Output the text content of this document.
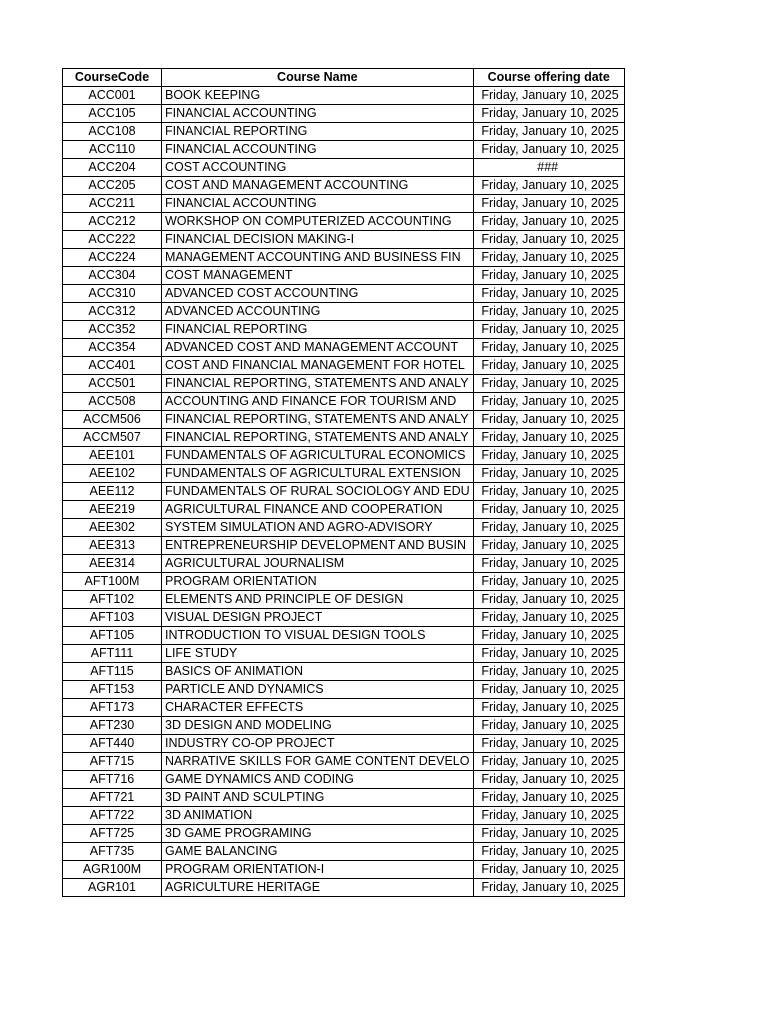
CourseCode	Course Name	Course offering date
ACC001	BOOK KEEPING	Friday, January 10, 2025
ACC105	FINANCIAL ACCOUNTING	Friday, January 10, 2025
ACC108	FINANCIAL REPORTING	Friday, January 10, 2025
ACC110	FINANCIAL ACCOUNTING	Friday, January 10, 2025
ACC204	COST ACCOUNTING	###
ACC205	COST AND MANAGEMENT ACCOUNTING	Friday, January 10, 2025
ACC211	FINANCIAL ACCOUNTING	Friday, January 10, 2025
ACC212	WORKSHOP ON COMPUTERIZED ACCOUNTING	Friday, January 10, 2025
ACC222	FINANCIAL DECISION MAKING-I	Friday, January 10, 2025
ACC224	MANAGEMENT ACCOUNTING AND BUSINESS FIN	Friday, January 10, 2025
ACC304	COST MANAGEMENT	Friday, January 10, 2025
ACC310	ADVANCED COST ACCOUNTING	Friday, January 10, 2025
ACC312	ADVANCED ACCOUNTING	Friday, January 10, 2025
ACC352	FINANCIAL REPORTING	Friday, January 10, 2025
ACC354	ADVANCED COST AND MANAGEMENT ACCOUNT	Friday, January 10, 2025
ACC401	COST AND FINANCIAL MANAGEMENT FOR HOTEL	Friday, January 10, 2025
ACC501	FINANCIAL REPORTING, STATEMENTS AND ANALY	Friday, January 10, 2025
ACC508	ACCOUNTING AND FINANCE FOR TOURISM AND	Friday, January 10, 2025
ACCM506	FINANCIAL REPORTING, STATEMENTS AND ANALY	Friday, January 10, 2025
ACCM507	FINANCIAL REPORTING, STATEMENTS AND ANALY	Friday, January 10, 2025
AEE101	FUNDAMENTALS OF AGRICULTURAL ECONOMICS	Friday, January 10, 2025
AEE102	FUNDAMENTALS OF AGRICULTURAL EXTENSION	Friday, January 10, 2025
AEE112	FUNDAMENTALS OF RURAL SOCIOLOGY AND EDU	Friday, January 10, 2025
AEE219	AGRICULTURAL FINANCE AND COOPERATION	Friday, January 10, 2025
AEE302	SYSTEM SIMULATION AND AGRO-ADVISORY	Friday, January 10, 2025
AEE313	ENTREPRENEURSHIP DEVELOPMENT AND BUSIN	Friday, January 10, 2025
AEE314	AGRICULTURAL JOURNALISM	Friday, January 10, 2025
AFT100M	PROGRAM ORIENTATION	Friday, January 10, 2025
AFT102	ELEMENTS AND PRINCIPLE OF DESIGN	Friday, January 10, 2025
AFT103	VISUAL DESIGN PROJECT	Friday, January 10, 2025
AFT105	INTRODUCTION TO VISUAL DESIGN TOOLS	Friday, January 10, 2025
AFT111	LIFE STUDY	Friday, January 10, 2025
AFT115	BASICS OF ANIMATION	Friday, January 10, 2025
AFT153	PARTICLE AND DYNAMICS	Friday, January 10, 2025
AFT173	CHARACTER EFFECTS	Friday, January 10, 2025
AFT230	3D DESIGN AND MODELING	Friday, January 10, 2025
AFT440	INDUSTRY CO-OP PROJECT	Friday, January 10, 2025
AFT715	NARRATIVE SKILLS FOR GAME CONTENT DEVELO	Friday, January 10, 2025
AFT716	GAME DYNAMICS AND CODING	Friday, January 10, 2025
AFT721	3D PAINT AND SCULPTING	Friday, January 10, 2025
AFT722	3D ANIMATION	Friday, January 10, 2025
AFT725	3D GAME PROGRAMING	Friday, January 10, 2025
AFT735	GAME BALANCING	Friday, January 10, 2025
AGR100M	PROGRAM ORIENTATION-I	Friday, January 10, 2025
AGR101	AGRICULTURE HERITAGE	Friday, January 10, 2025
